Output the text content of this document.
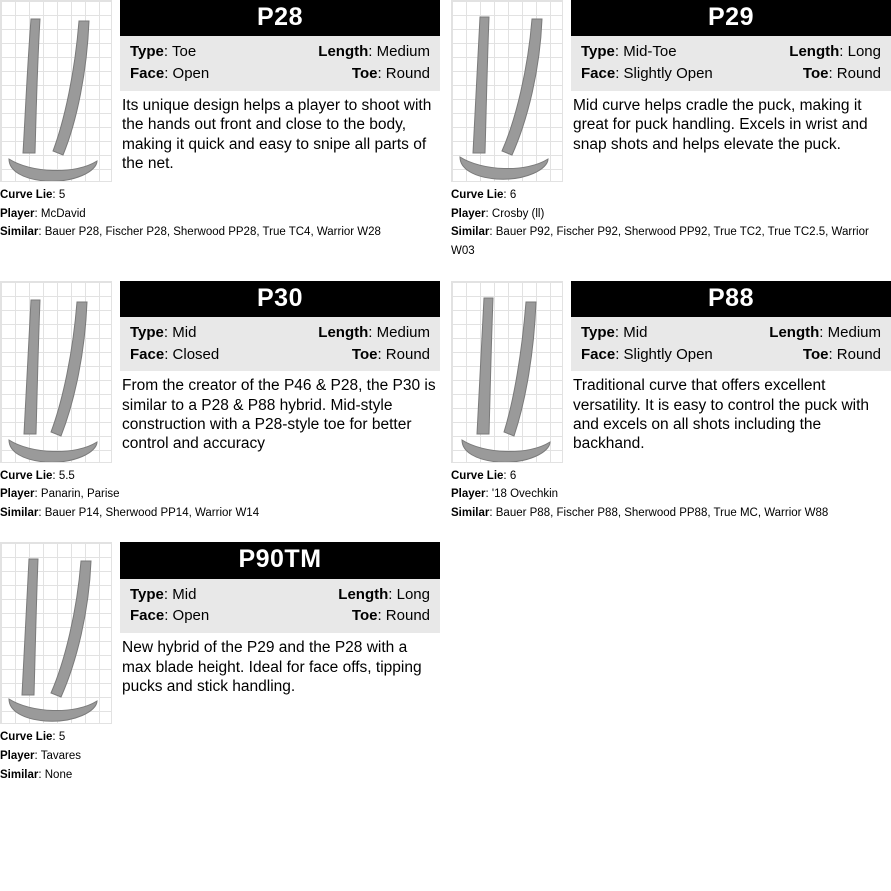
P28
Type: Toe	Length: Medium
Face: Open	Toe: Round
Its unique design helps a player to shoot with the hands out front and close to the body, making it quick and easy to snipe all parts of the net.
Curve Lie: 5
Player: McDavid
Similar: Bauer P28, Fischer P28, Sherwood PP28, True TC4, Warrior W28
P29
Type: Mid-Toe	Length: Long
Face: Slightly Open	Toe: Round
Mid curve helps cradle the puck, making it great for puck handling. Excels in wrist and snap shots and helps elevate the puck.
Curve Lie: 6
Player: Crosby (ll)
Similar: Bauer P92, Fischer P92, Sherwood PP92, True TC2, True TC2.5, Warrior W03
P30
Type: Mid	Length: Medium
Face: Closed	Toe: Round
From the creator of the P46 & P28, the P30 is similar to a P28 & P88 hybrid. Mid-style construction with a P28-style toe for better control and accuracy
Curve Lie: 5.5
Player: Panarin, Parise
Similar: Bauer P14, Sherwood PP14, Warrior W14
P88
Type: Mid	Length: Medium
Face: Slightly Open	Toe: Round
Traditional curve that offers excellent versatility. It is easy to control the puck with and excels on all shots including the backhand.
Curve Lie: 6
Player: '18 Ovechkin
Similar: Bauer P88, Fischer P88, Sherwood PP88, True MC, Warrior W88
P90TM
Type: Mid	Length: Long
Face: Open	Toe: Round
New hybrid of the P29 and the P28 with a max blade height. Ideal for face offs, tipping pucks and stick handling.
Curve Lie: 5
Player: Tavares
Similar: None
